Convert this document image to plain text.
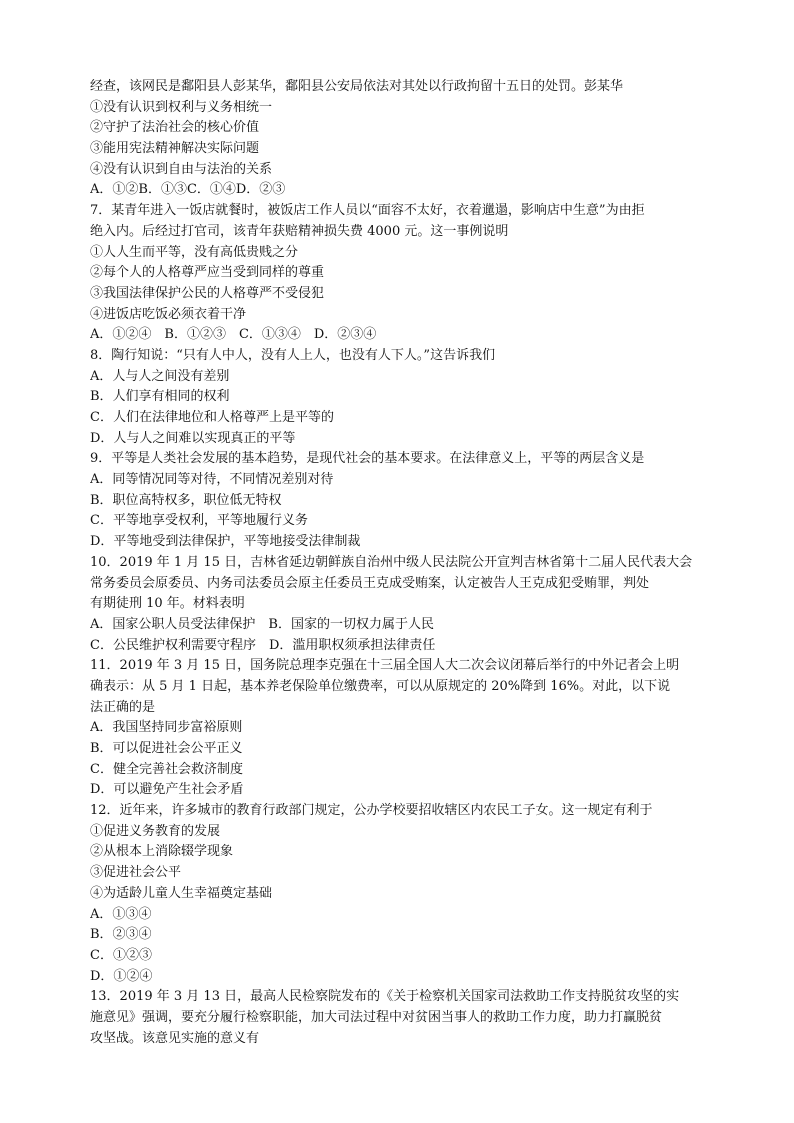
经查，该网民是鄱阳县人彭某华，鄱阳县公安局依法对其处以行政拘留十五日的处罚。彭某华
①没有认识到权利与义务相统一
②守护了法治社会的核心价值
③能用宪法精神解决实际问题
④没有认识到自由与法治的关系
A．①②B．①③C．①④D．②③
7．某青年进入一饭店就餐时，被饭店工作人员以“面容不太好，衣着邋遢，影响店中生意”为由拒
绝入内。后经过打官司，该青年获赔精神损失费 4000 元。这一事例说明
①人人生而平等，没有高低贵贱之分
②每个人的人格尊严应当受到同样的尊重
③我国法律保护公民的人格尊严不受侵犯
④进饭店吃饭必须衣着干净
A．①②④　B．①②③　C．①③④　D．②③④
8．陶行知说：“只有人中人，没有人上人，也没有人下人。”这告诉我们
A．人与人之间没有差别
B．人们享有相同的权利
C．人们在法律地位和人格尊严上是平等的
D．人与人之间难以实现真正的平等
9．平等是人类社会发展的基本趋势，是现代社会的基本要求。在法律意义上，平等的两层含义是
A．同等情况同等对待，不同情况差别对待
B．职位高特权多，职位低无特权
C．平等地享受权利，平等地履行义务
D．平等地受到法律保护，平等地接受法律制裁
10．2019 年 1 月 15 日，吉林省延边朝鲜族自治州中级人民法院公开宣判吉林省第十二届人民代表大会
常务委员会原委员、内务司法委员会原主任委员王克成受贿案，认定被告人王克成犯受贿罪，判处
有期徒刑 10 年。材料表明
A．国家公职人员受法律保护　B．国家的一切权力属于人民
C．公民维护权利需要守程序　D．滥用职权须承担法律责任
11．2019 年 3 月 15 日，国务院总理李克强在十三届全国人大二次会议闭幕后举行的中外记者会上明
确表示：从 5 月 1 日起，基本养老保险单位缴费率，可以从原规定的 20%降到 16%。对此，以下说
法正确的是
A．我国坚持同步富裕原则
B．可以促进社会公平正义
C．健全完善社会救济制度
D．可以避免产生社会矛盾
12．近年来，许多城市的教育行政部门规定，公办学校要招收辖区内农民工子女。这一规定有利于
①促进义务教育的发展
②从根本上消除辍学现象
③促进社会公平
④为适龄儿童人生幸福奠定基础
A．①③④
B．②③④
C．①②③
D．①②④
13．2019 年 3 月 13 日，最高人民检察院发布的《关于检察机关国家司法救助工作支持脱贫攻坚的实
施意见》强调，要充分履行检察职能，加大司法过程中对贫困当事人的救助工作力度，助力打赢脱贫
攻坚战。该意见实施的意义有
